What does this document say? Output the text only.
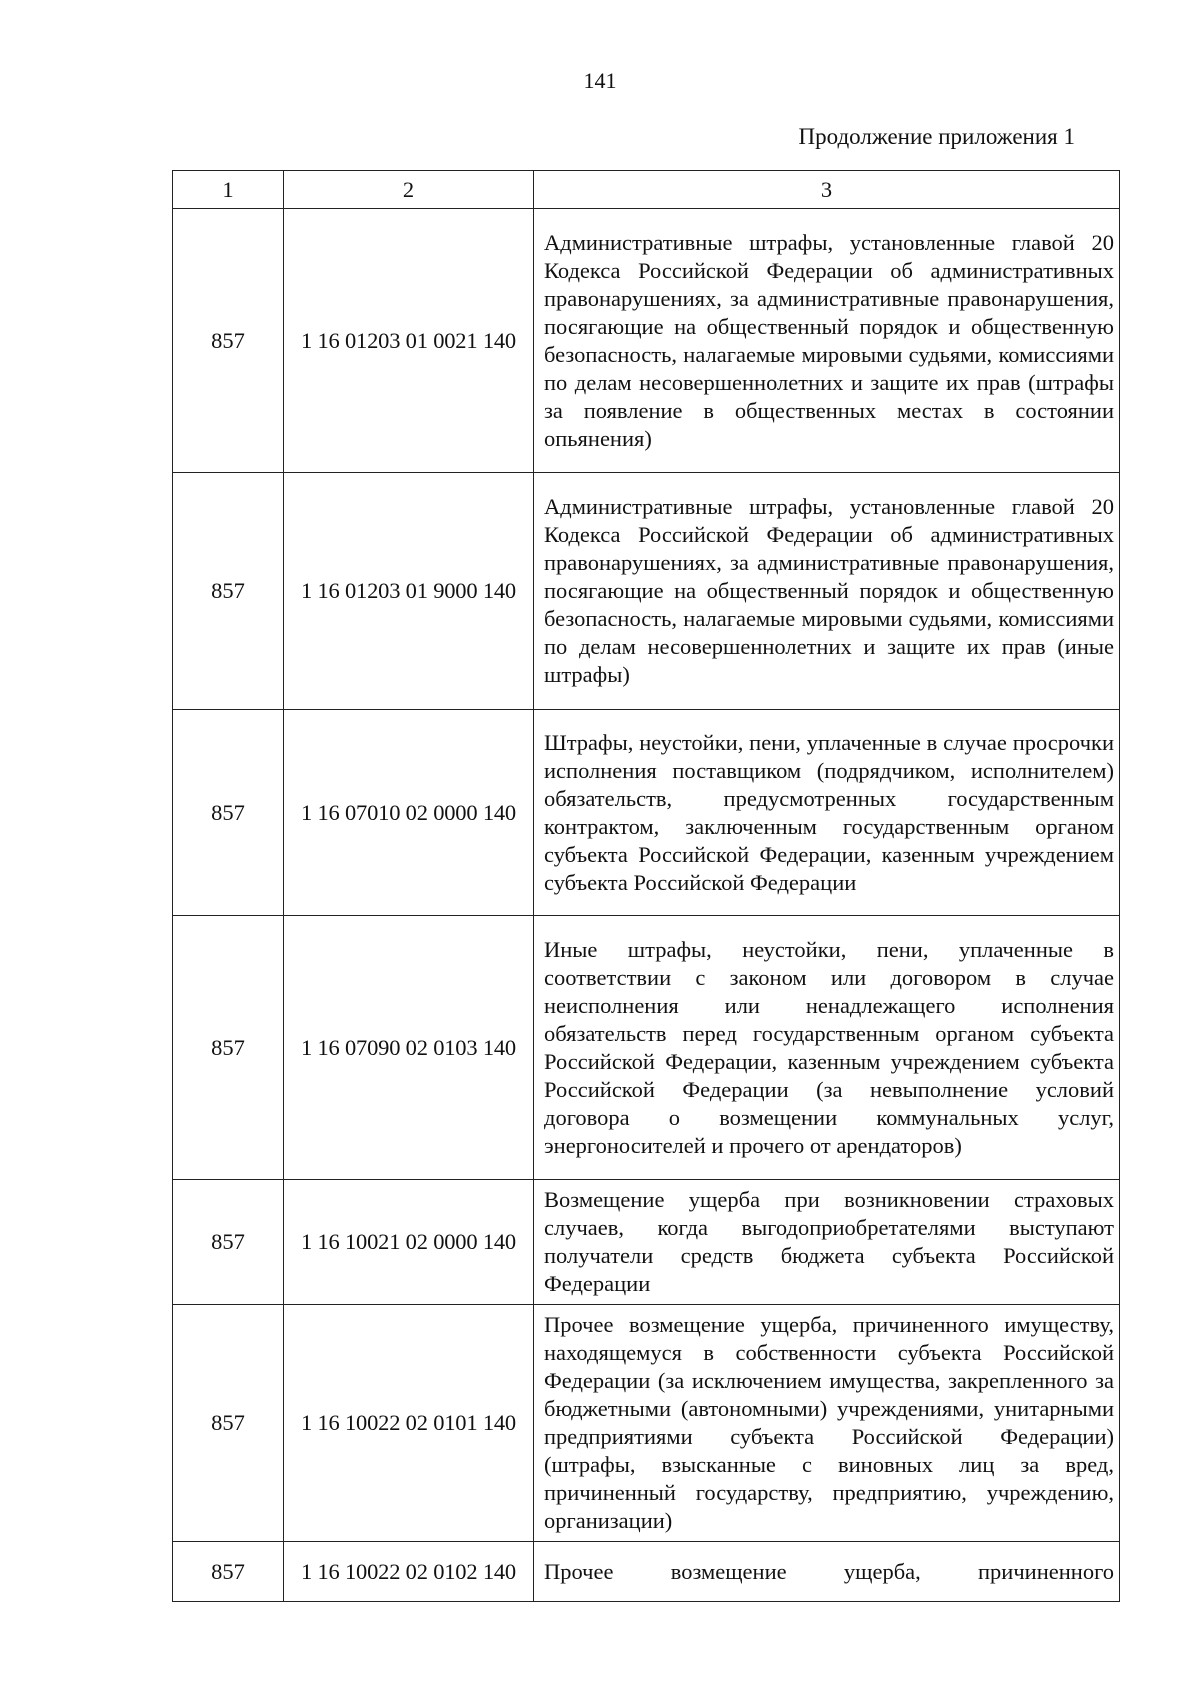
141
Продолжение приложения 1
1	2	3
857	1 16 01203 01 0021 140	Административные штрафы, установленные главой 20 Кодекса Российской Федерации об административных правонарушениях, за административные правонарушения, посягающие на общественный порядок и общественную безопасность, налагаемые мировыми судьями, комиссиями по делам несовершеннолетних и защите их прав (штрафы за появление в общественных местах в состоянии опьянения)
857	1 16 01203 01 9000 140	Административные штрафы, установленные главой 20 Кодекса Российской Федерации об административных правонарушениях, за административные правонарушения, посягающие на общественный порядок и общественную безопасность, налагаемые мировыми судьями, комиссиями по делам несовершеннолетних и защите их прав (иные штрафы)
857	1 16 07010 02 0000 140	Штрафы, неустойки, пени, уплаченные в случае просрочки исполнения поставщиком (подрядчиком, исполнителем) обязательств, предусмотренных государственным контрактом, заключенным государственным органом субъекта Российской Федерации, казенным учреждением субъекта Российской Федерации
857	1 16 07090 02 0103 140	Иные штрафы, неустойки, пени, уплаченные в соответствии с законом или договором в случае неисполнения или ненадлежащего исполнения обязательств перед государственным органом субъекта Российской Федерации, казенным учреждением субъекта Российской Федерации (за невыполнение условий договора о возмещении коммунальных услуг, энергоносителей и прочего от арендаторов)
857	1 16 10021 02 0000 140	Возмещение ущерба при возникновении страховых случаев, когда выгодоприобретателями выступают получатели средств бюджета субъекта Российской Федерации
857	1 16 10022 02 0101 140	Прочее возмещение ущерба, причиненного имуществу, находящемуся в собственности субъекта Российской Федерации (за исключением имущества, закрепленного за бюджетными (автономными) учреждениями, унитарными предприятиями субъекта Российской Федерации) (штрафы, взысканные с виновных лиц за вред, причиненный государству, предприятию, учреждению, организации)
857	1 16 10022 02 0102 140	Прочее возмещение ущерба, причиненного
